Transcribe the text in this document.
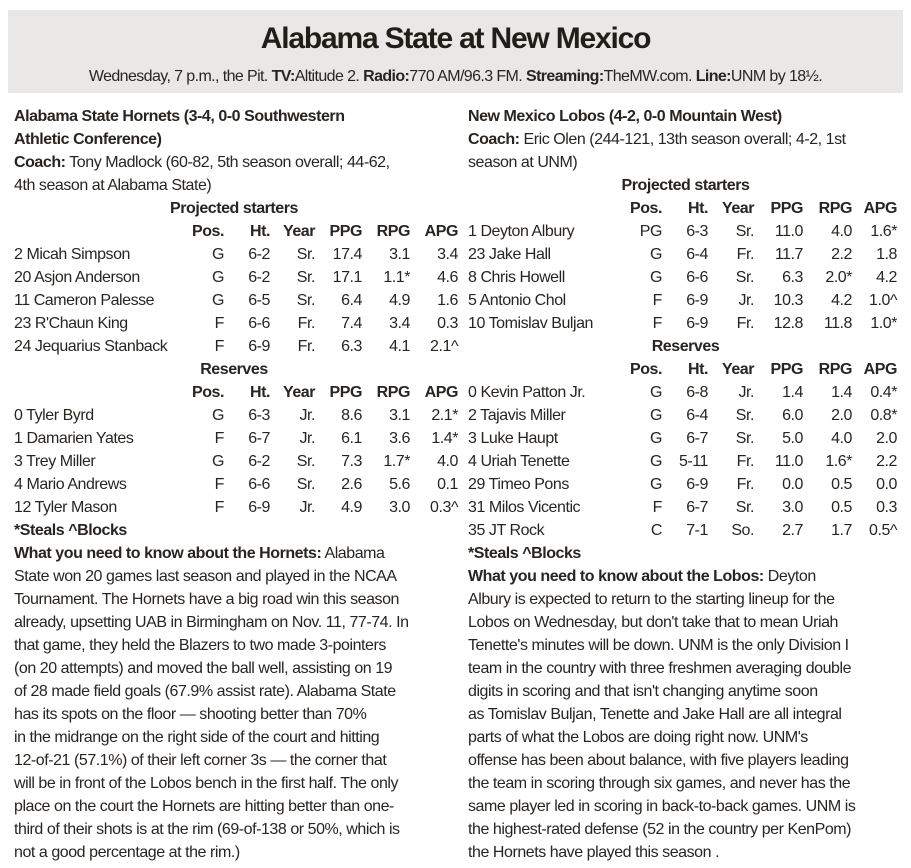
Alabama State at New Mexico
Wednesday, 7 p.m., the Pit. TV:Altitude 2. Radio:770 AM/96.3 FM. Streaming:TheMW.com. Line:UNM by 18½.
Alabama State Hornets (3-4, 0-0 Southwestern
Athletic Conference)
Coach: Tony Madlock (60-82, 5th season overall; 44-62,
4th season at Alabama State)
Projected starters
Pos.	Ht. Year PPG RPG APG
2 Micah Simpson	G	6-2	Sr.	17.4	3.1	3.4
20 Asjon Anderson	G	6-2	Sr.	17.1	1.1*	4.6
11 Cameron Palesse	G	6-5	Sr.	6.4	4.9	1.6
23 R'Chaun King	F	6-6	Fr.	7.4	3.4	0.3
24 Jequarius Stanback	F	6-9	Fr.	6.3	4.1	2.1^
Reserves
Pos.	Ht. Year PPG RPG APG
0 Tyler Byrd	G	6-3	Jr.	8.6	3.1	2.1*
1 Damarien Yates	F	6-7	Jr.	6.1	3.6	1.4*
3 Trey Miller	G	6-2	Sr.	7.3	1.7*	4.0
4 Mario Andrews	F	6-6	Sr.	2.6	5.6	0.1
12 Tyler Mason	F	6-9	Jr.	4.9	3.0	0.3^
*Steals ^Blocks
What you need to know about the Hornets: Alabama
State won 20 games last season and played in the NCAA
Tournament. The Hornets have a big road win this season
already, upsetting UAB in Birmingham on Nov. 11, 77-74. In
that game, they held the Blazers to two made 3-pointers
(on 20 attempts) and moved the ball well, assisting on 19
of 28 made field goals (67.9% assist rate). Alabama State
has its spots on the floor — shooting better than 70%
in the midrange on the right side of the court and hitting
12-of-21 (57.1%) of their left corner 3s — the corner that
will be in front of the Lobos bench in the first half. The only
place on the court the Hornets are hitting better than one-
third of their shots is at the rim (69-of-138 or 50%, which is
not a good percentage at the rim.)
New Mexico Lobos (4-2, 0-0 Mountain West)
Coach: Eric Olen (244-121, 13th season overall; 4-2, 1st
season at UNM)
Projected starters
Pos.	Ht. Year	PPG RPG APG
1 Deyton Albury	PG	6-3	Sr.	11.0	4.0	1.6*
23 Jake Hall	G	6-4	Fr.	11.7	2.2	1.8
8 Chris Howell	G	6-6	Sr.	6.3	2.0*	4.2
5 Antonio Chol	F	6-9	Jr.	10.3	4.2	1.0^
10 Tomislav Buljan	F	6-9	Fr.	12.8	11.8	1.0*
Reserves
Pos.	Ht. Year	PPG RPG APG
0 Kevin Patton Jr.	G	6-8	Jr.	1.4	1.4	0.4*
2 Tajavis Miller	G	6-4	Sr.	6.0	2.0	0.8*
3 Luke Haupt	G	6-7	Sr.	5.0	4.0	2.0
4 Uriah Tenette	G	5-11	Fr.	11.0	1.6*	2.2
29 Timeo Pons	G	6-9	Fr.	0.0	0.5	0.0
31 Milos Vicentic	F	6-7	Sr.	3.0	0.5	0.3
35 JT Rock	C	7-1	So.	2.7	1.7	0.5^
*Steals ^Blocks
What you need to know about the Lobos: Deyton
Albury is expected to return to the starting lineup for the
Lobos on Wednesday, but don't take that to mean Uriah
Tenette's minutes will be down. UNM is the only Division I
team in the country with three freshmen averaging double
digits in scoring and that isn't changing anytime soon
as Tomislav Buljan, Tenette and Jake Hall are all integral
parts of what the Lobos are doing right now. UNM's
offense has been about balance, with five players leading
the team in scoring through six games, and never has the
same player led in scoring in back-to-back games. UNM is
the highest-rated defense (52 in the country per KenPom)
the Hornets have played this season .
